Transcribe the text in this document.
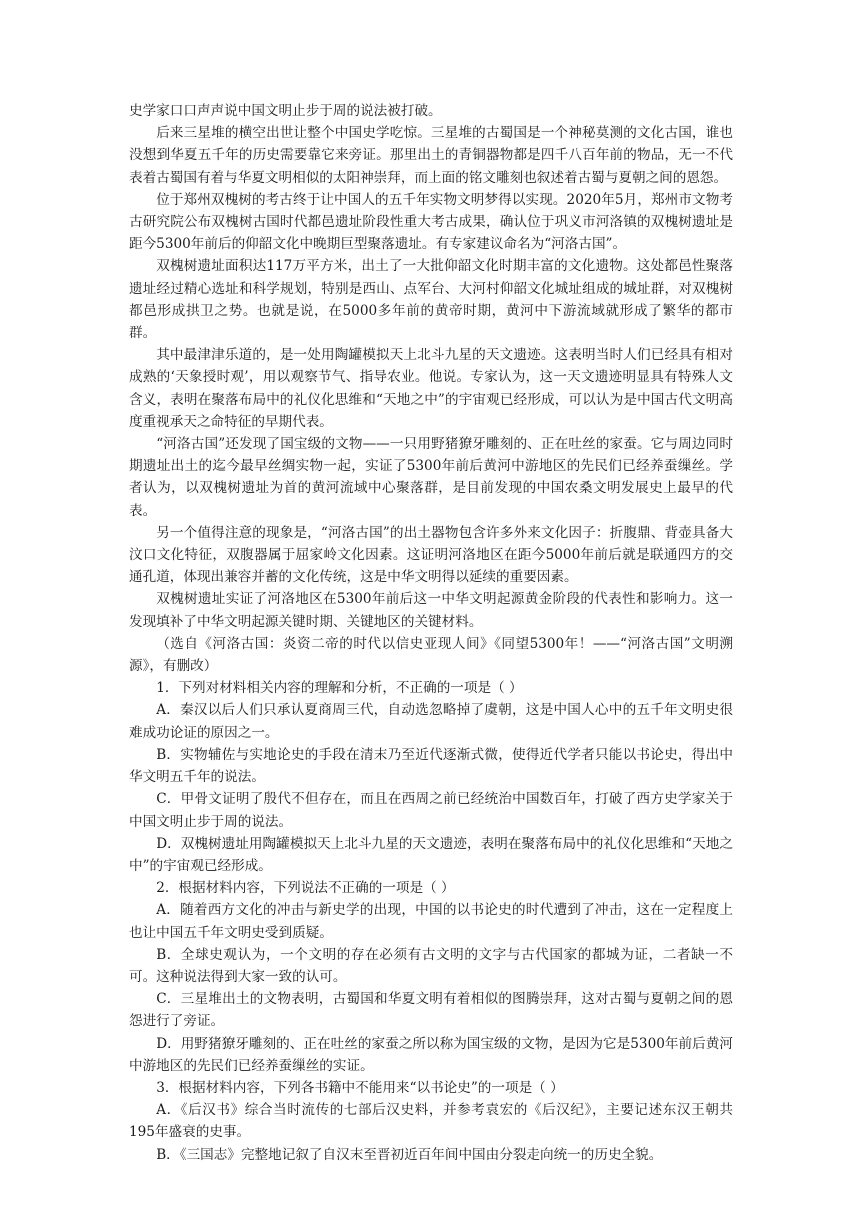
史学家口口声声说中国文明止步于周的说法被打破。

后来三星堆的横空出世让整个中国史学吃惊。三星堆的古蜀国是一个神秘莫测的文化古国，谁也没想到华夏五千年的历史需要靠它来旁证。那里出土的青铜器物都是四千八百年前的物品，无一不代表着古蜀国有着与华夏文明相似的太阳神崇拜，而上面的铭文雕刻也叙述着古蜀与夏朝之间的恩怨。

位于郑州双槐树的考古终于让中国人的五千年实物文明梦得以实现。2020年5月，郑州市文物考古研究院公布双槐树古国时代都邑遗址阶段性重大考古成果，确认位于巩义市河洛镇的双槐树遗址是距今5300年前后的仰韶文化中晚期巨型聚落遗址。有专家建议命名为“河洛古国”。

双槐树遗址面积达117万平方米，出土了一大批仰韶文化时期丰富的文化遗物。这处都邑性聚落遗址经过精心选址和科学规划，特别是西山、点军台、大河村仰韶文化城址组成的城址群，对双槐树都邑形成拱卫之势。也就是说，在5000多年前的黄帝时期，黄河中下游流域就形成了繁华的都市群。

其中最津津乐道的，是一处用陶罐模拟天上北斗九星的天文遗迹。这表明当时人们已经具有相对成熟的‘天象授时观’，用以观察节气、指导农业。他说。专家认为，这一天文遗迹明显具有特殊人文含义，表明在聚落布局中的礼仪化思维和“天地之中”的宇宙观已经形成，可以认为是中国古代文明高度重视承天之命特征的早期代表。

“河洛古国”还发现了国宝级的文物——一只用野猪獠牙雕刻的、正在吐丝的家蚕。它与周边同时期遗址出土的迄今最早丝绸实物一起，实证了5300年前后黄河中游地区的先民们已经养蚕缫丝。学者认为，以双槐树遗址为首的黄河流域中心聚落群，是目前发现的中国农桑文明发展史上最早的代表。

另一个值得注意的现象是，“河洛古国”的出土器物包含许多外来文化因子：折腹鼎、背壶具备大汶口文化特征，双腹器属于屈家岭文化因素。这证明河洛地区在距今5000年前后就是联通四方的交通孔道，体现出兼容并蓄的文化传统，这是中华文明得以延续的重要因素。

双槐树遗址实证了河洛地区在5300年前后这一中华文明起源黄金阶段的代表性和影响力。这一发现填补了中华文明起源关键时期、关键地区的关键材料。

（选自《河洛古国：炎资二帝的时代以信史亚现人间》《同望5300年！——“河洛古国”文明溯源》，有删改）

1．下列对材料相关内容的理解和分析，不正确的一项是（ ）

A．秦汉以后人们只承认夏商周三代，自动选忽略掉了虞朝，这是中国人心中的五千年文明史很难成功论证的原因之一。

B．实物辅佐与实地论史的手段在清末乃至近代逐渐式微，使得近代学者只能以书论史，得出中华文明五千年的说法。

C．甲骨文证明了殷代不但存在，而且在西周之前已经统治中国数百年，打破了西方史学家关于中国文明止步于周的说法。

D．双槐树遗址用陶罐模拟天上北斗九星的天文遗迹，表明在聚落布局中的礼仪化思维和“天地之中”的宇宙观已经形成。

2．根据材料内容，下列说法不正确的一项是（ ）

A．随着西方文化的冲击与新史学的出现，中国的以书论史的时代遭到了冲击，这在一定程度上也让中国五千年文明史受到质疑。

B．全球史观认为，一个文明的存在必须有古文明的文字与古代国家的都城为证，二者缺一不可。这种说法得到大家一致的认可。

C．三星堆出土的文物表明，古蜀国和华夏文明有着相似的图腾崇拜，这对古蜀与夏朝之间的恩怨进行了旁证。

D．用野猪獠牙雕刻的、正在吐丝的家蚕之所以称为国宝级的文物，是因为它是5300年前后黄河中游地区的先民们已经养蚕缫丝的实证。

3．根据材料内容，下列各书籍中不能用来“以书论史”的一项是（ ）

A．《后汉书》综合当时流传的七部后汉史料，并参考袁宏的《后汉纪》，主要记述东汉王朝共195年盛衰的史事。

B．《三国志》完整地记叙了自汉末至晋初近百年间中国由分裂走向统一的历史全貌。
